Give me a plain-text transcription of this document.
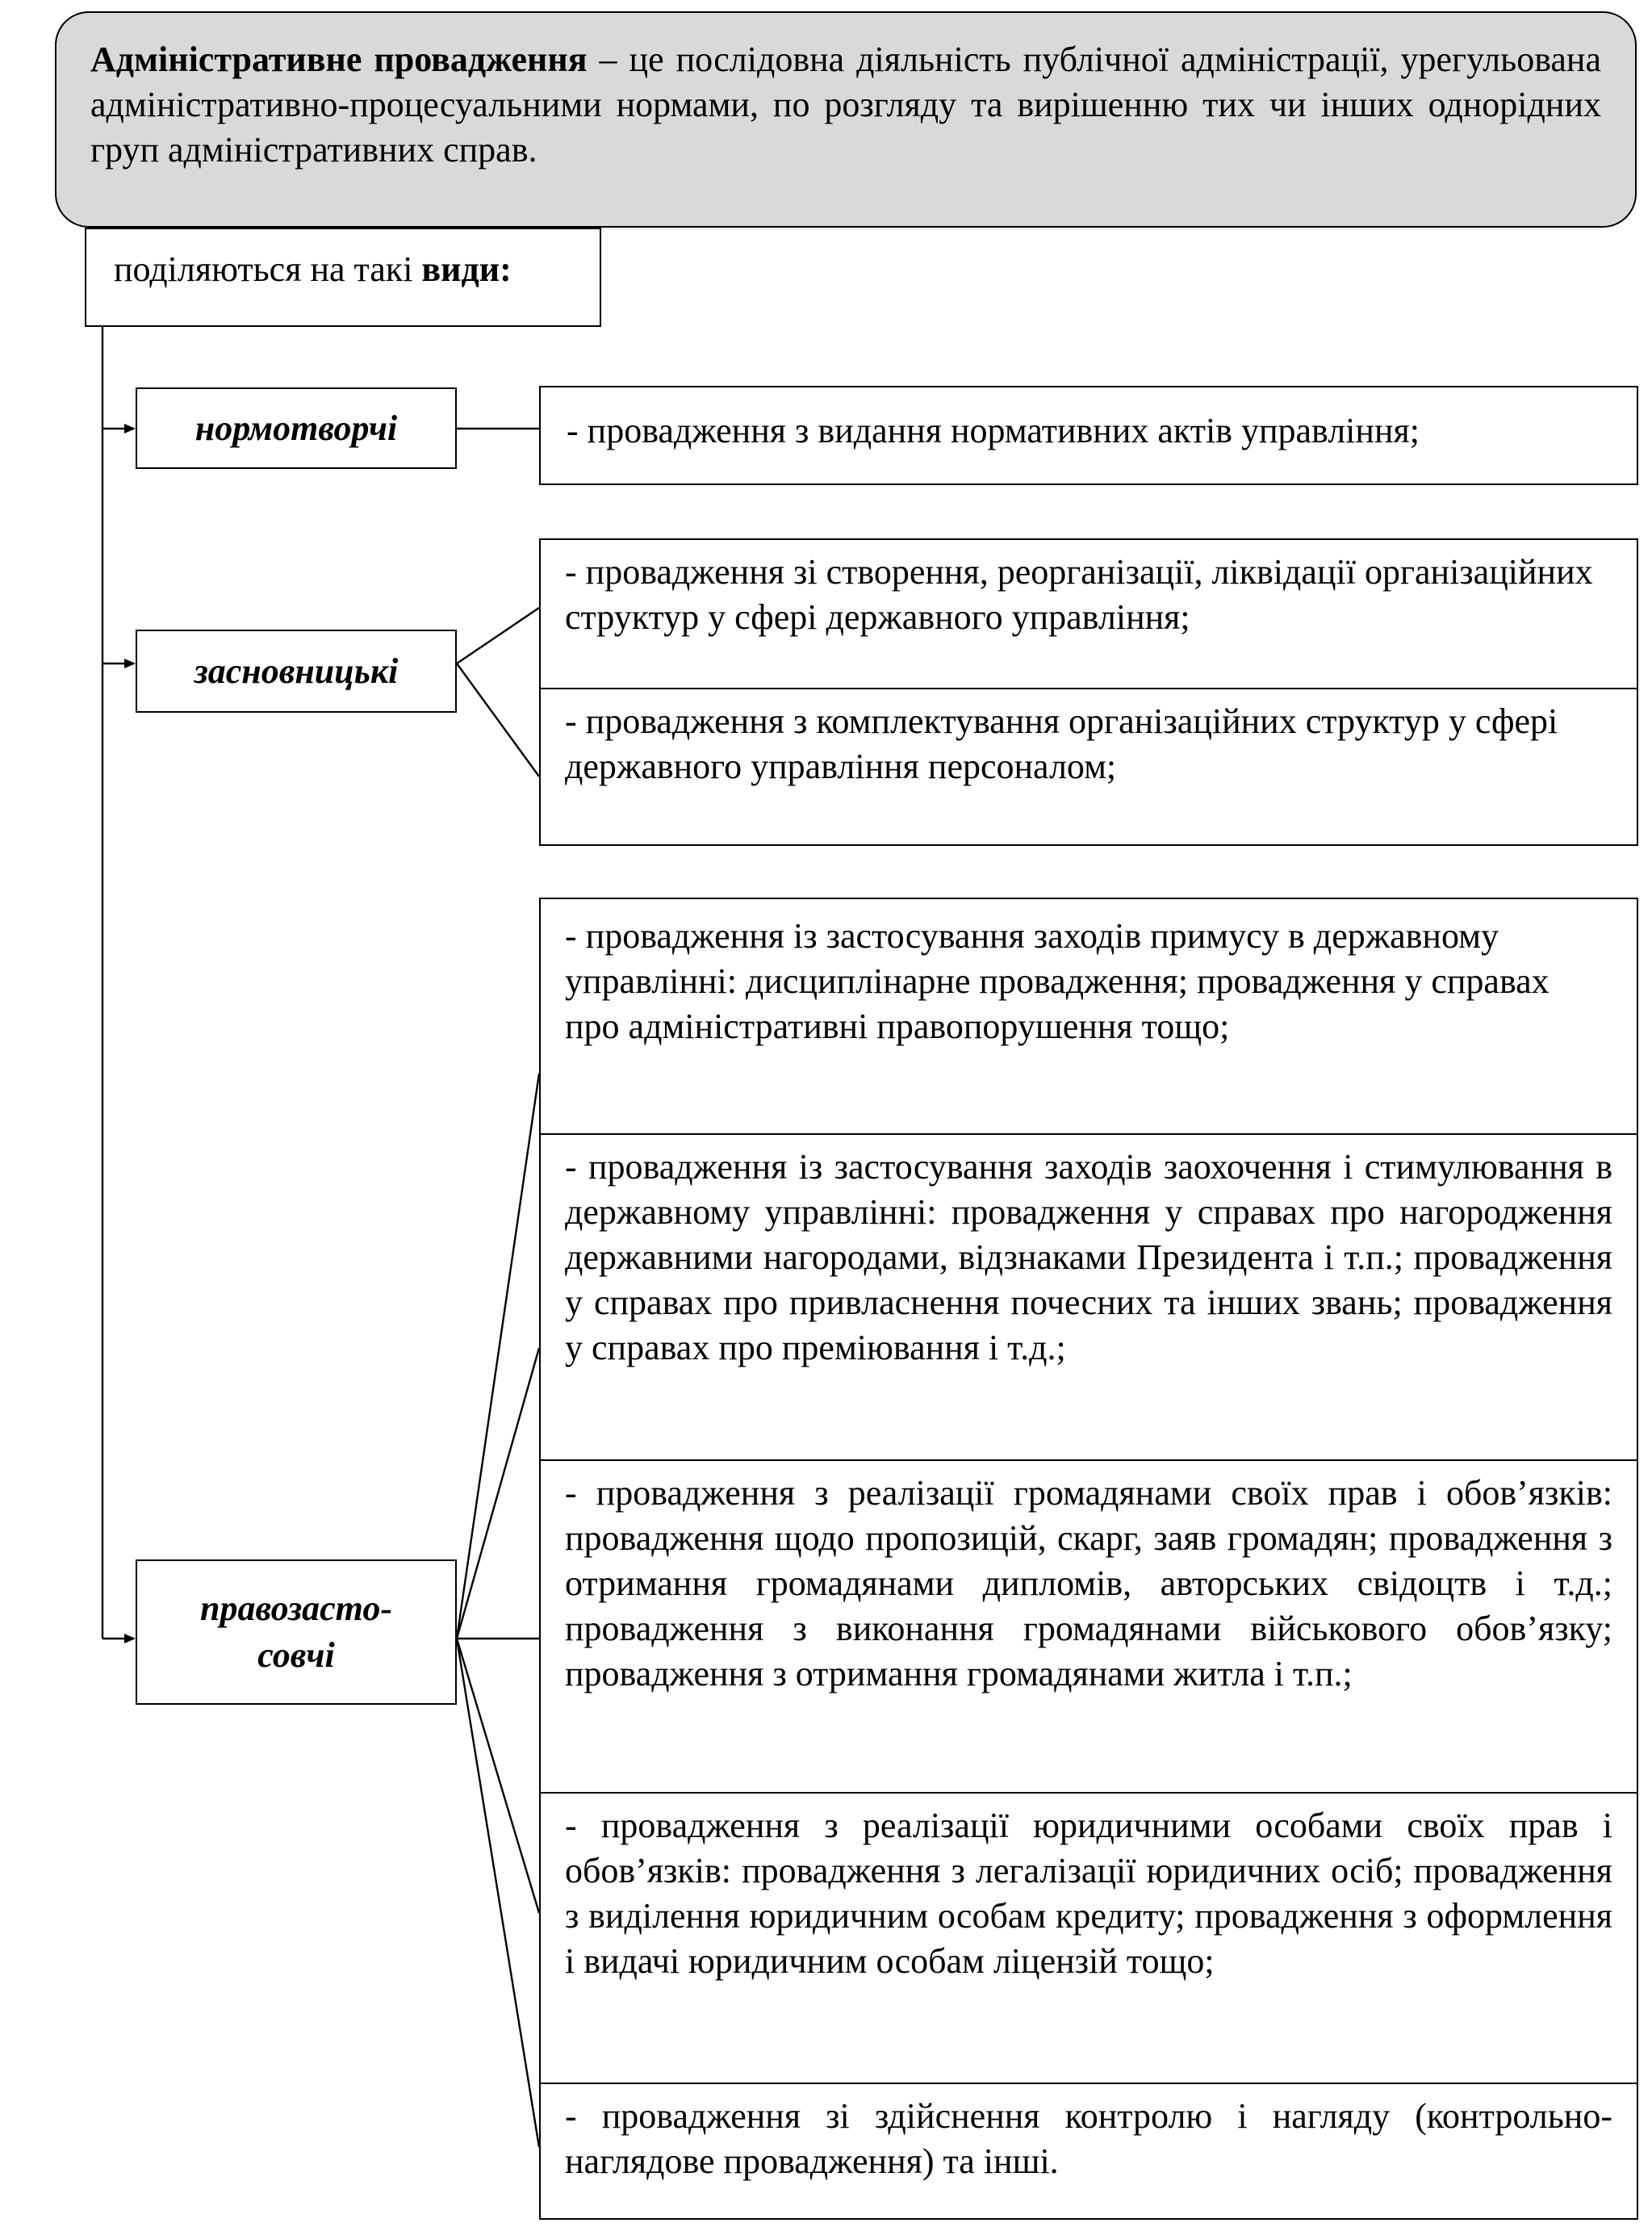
Адміністративне провадження – це послідовна діяльність публічної адміністрації, урегульована адміністративно-процесуальними нормами, по розгляду та вирішенню тих чи інших однорідних груп адміністративних справ.
поділяються на такі види:
нормотворчі
засновницькі
правозасто-
совчі
- провадження з видання нормативних актів управління;
- провадження зі створення, реорганізації, ліквідації організаційних структур у сфері державного управління;
- провадження з комплектування організаційних структур у сфері державного управління персоналом;
- провадження із застосування заходів примусу в державному управлінні: дисциплінарне провадження; провадження у справах про адміністративні правопорушення тощо;
- провадження із застосування заходів заохочення і стимулювання в державному управлінні: провадження у справах про нагородження державними нагородами, відзнаками Президента і т.п.; провадження у справах про привласнення почесних та інших звань; провадження у справах про преміювання і т.д.;
- провадження з реалізації громадянами своїх прав і обов’язків: провадження щодо пропозицій, скарг, заяв громадян; провадження з отримання громадянами дипломів, авторських свідоцтв і т.д.; провадження з виконання громадянами військового обов’язку; провадження з отримання громадянами житла і т.п.;
- провадження з реалізації юридичними особами своїх прав і обов’язків: провадження з легалізації юридичних осіб; провадження з виділення юридичним особам кредиту; провадження з оформлення і видачі юридичним особам ліцензій тощо;
- провадження зі здійснення контролю і нагляду (контрольно-наглядове провадження) та інші.
